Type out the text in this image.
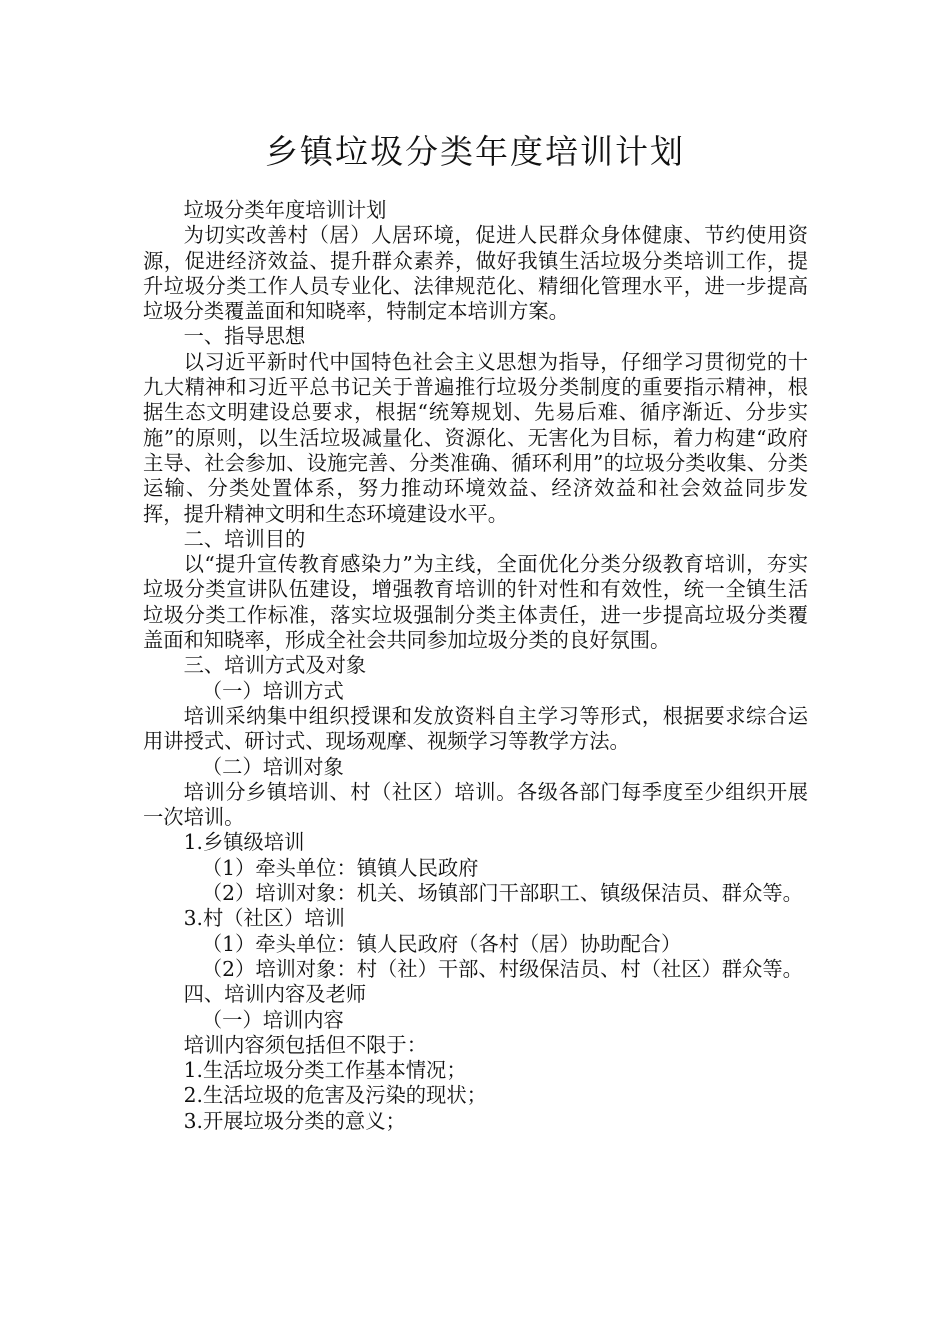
乡镇垃圾分类年度培训计划

垃圾分类年度培训计划

为切实改善村（居）人居环境，促进人民群众身体健康、节约使用资源，促进经济效益、提升群众素养，做好我镇生活垃圾分类培训工作，提升垃圾分类工作人员专业化、法律规范化、精细化管理水平，进一步提高垃圾分类覆盖面和知晓率，特制定本培训方案。

一、指导思想

以习近平新时代中国特色社会主义思想为指导，仔细学习贯彻党的十九大精神和习近平总书记关于普遍推行垃圾分类制度的重要指示精神，根据生态文明建设总要求，根据“统筹规划、先易后难、循序渐近、分步实施”的原则，以生活垃圾减量化、资源化、无害化为目标，着力构建“政府主导、社会参加、设施完善、分类准确、循环利用”的垃圾分类收集、分类运输、分类处置体系，努力推动环境效益、经济效益和社会效益同步发挥，提升精神文明和生态环境建设水平。

二、培训目的

以“提升宣传教育感染力”为主线，全面优化分类分级教育培训，夯实垃圾分类宣讲队伍建设，增强教育培训的针对性和有效性，统一全镇生活垃圾分类工作标准，落实垃圾强制分类主体责任，进一步提高垃圾分类覆盖面和知晓率，形成全社会共同参加垃圾分类的良好氛围。

三、培训方式及对象

（一）培训方式

培训采纳集中组织授课和发放资料自主学习等形式，根据要求综合运用讲授式、研讨式、现场观摩、视频学习等教学方法。

（二）培训对象

培训分乡镇培训、村（社区）培训。各级各部门每季度至少组织开展一次培训。

1.乡镇级培训

（1）牵头单位：镇镇人民政府

（2）培训对象：机关、场镇部门干部职工、镇级保洁员、群众等。

3.村（社区）培训

（1）牵头单位：镇人民政府（各村（居）协助配合）

（2）培训对象：村（社）干部、村级保洁员、村（社区）群众等。

四、培训内容及老师

（一）培训内容

培训内容须包括但不限于：

1.生活垃圾分类工作基本情况；

2.生活垃圾的危害及污染的现状；

3.开展垃圾分类的意义；
